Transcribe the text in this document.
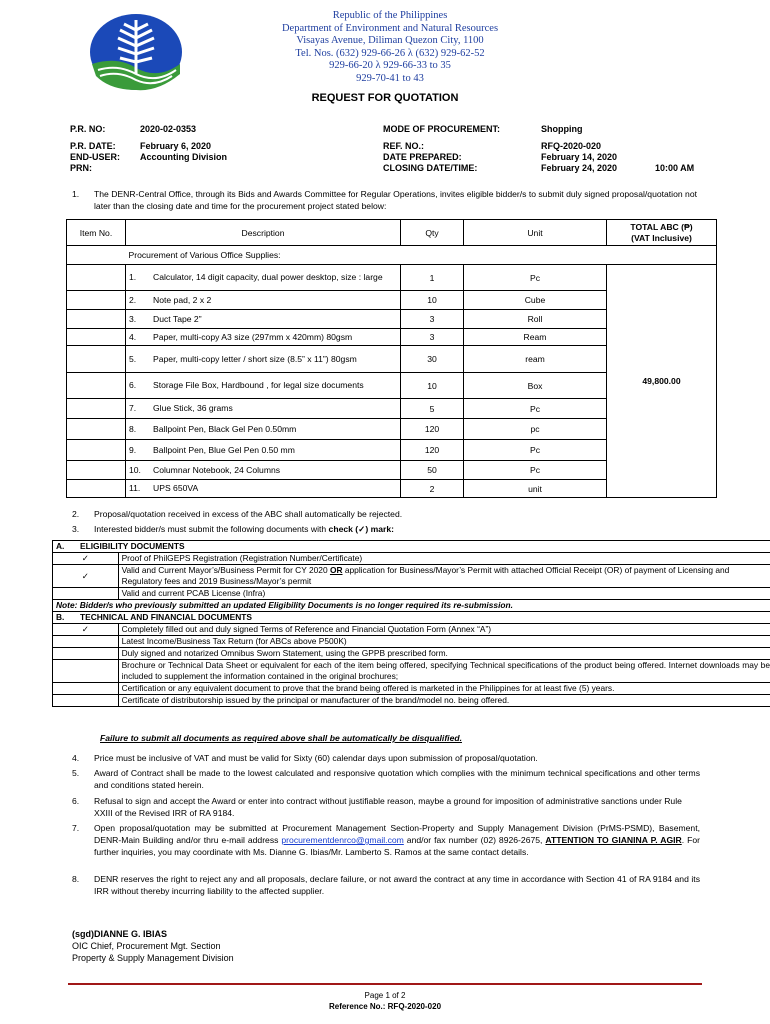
Republic of the Philippines
Department of Environment and Natural Resources
Visayas Avenue, Diliman Quezon City, 1100
Tel. Nos. (632) 929-66-26 λ (632) 929-62-52
929-66-20 λ 929-66-33 to 35
929-70-41 to 43
REQUEST FOR QUOTATION
P.R. NO:	2020-02-0353
P.R. DATE:	February 6, 2020
END-USER: Accounting Division
PRN:
MODE OF PROCUREMENT:	Shopping
REF. NO.:	RFQ-2020-020
DATE PREPARED:	February 14, 2020
CLOSING DATE/TIME:	February 24, 2020	10:00 AM
1. The DENR-Central Office, through its Bids and Awards Committee for Regular Operations, invites eligible bidder/s to submit duly signed proposal/quotation not later than the closing date and time for the procurement project stated below:
Item No.	Description	Qty	Unit	TOTAL ABC (₱)
(VAT Inclusive)

	Procurement of Various Office Supplies:			
	1. Calculator, 14 digit capacity, dual power desktop, size : large	1	Pc	49,800.00
	2. Note pad, 2 x 2	10	Cube	
	3. Duct Tape 2”	3	Roll	
	4. Paper, multi-copy A3 size (297mm x 420mm) 80gsm	3	Ream	
	5. Paper, multi-copy letter / short size (8.5” x 11”) 80gsm	30	ream	
	6. Storage File Box, Hardbound , for legal size documents	10	Box	
	7. Glue Stick, 36 grams	5	Pc	
	8. Ballpoint Pen, Black Gel Pen 0.50mm	120	pc	
	9. Ballpoint Pen, Blue Gel Pen 0.50 mm	120	Pc	
	10. Columnar Notebook, 24 Columns	50	Pc	
	11. UPS 650VA	2	unit	
2. Proposal/quotation received in excess of the ABC shall automatically be rejected.
3. Interested bidder/s must submit the following documents with check (✓) mark:
A.	ELIGIBILITY DOCUMENTS	
✓		Proof of PhilGEPS Registration (Registration Number/Certificate)
✓		Valid and Current Mayor’s/Business Permit for CY 2020 OR application for Business/Mayor’s Permit with attached Official Receipt (OR) of payment of Licensing and Regulatory fees and 2019 Business/Mayor’s permit
		Valid and current PCAB License (Infra)
Note: Bidder/s who previously submitted an updated Eligibility Documents is no longer required its re-submission.		
B.	TECHNICAL AND FINANCIAL DOCUMENTS	
✓		Completely filled out and duly signed Terms of Reference and Financial Quotation Form (Annex “A”)
		Latest Income/Business Tax Return (for ABCs above P500K)
		Duly signed and notarized Omnibus Sworn Statement, using the GPPB prescribed form.
		Brochure or Technical Data Sheet or equivalent for each of the item being offered, specifying Technical specifications of the product being offered. Internet downloads may be included to supplement the information contained in the original brochures;
		Certification or any equivalent document to prove that the brand being offered is marketed in the Philippines for at least five (5) years.
		Certificate of distributorship issued by the principal or manufacturer of the brand/model no. being offered.
Failure to submit all documents as required above shall be automatically be disqualified.
4. Price must be inclusive of VAT and must be valid for Sixty (60) calendar days upon submission of proposal/quotation.
5. Award of Contract shall be made to the lowest calculated and responsive quotation which complies with the minimum technical specifications and other terms and conditions stated herein.
6. Refusal to sign and accept the Award or enter into contract without justifiable reason, maybe a ground for imposition of administrative sanctions under Rule XXIII of the Revised IRR of RA 9184.
7. Open proposal/quotation may be submitted at Procurement Management Section-Property and Supply Management Division (PrMS-PSMD), Basement, DENR-Main Building and/or thru e-mail address procurementdenrco@gmail.com and/or fax number (02) 8926-2675, ATTENTION TO GIANINA P. AGIR. For further inquiries, you may coordinate with Ms. Dianne G. Ibias/Mr. Lamberto S. Ramos at the same contact details.
8. DENR reserves the right to reject any and all proposals, declare failure, or not award the contract at any time in accordance with Section 41 of RA 9184 and its IRR without thereby incurring liability to the affected supplier.
(sgd)DIANNE G. IBIAS
OIC Chief, Procurement Mgt. Section
Property & Supply Management Division
Page 1 of 2
Reference No.: RFQ-2020-020
